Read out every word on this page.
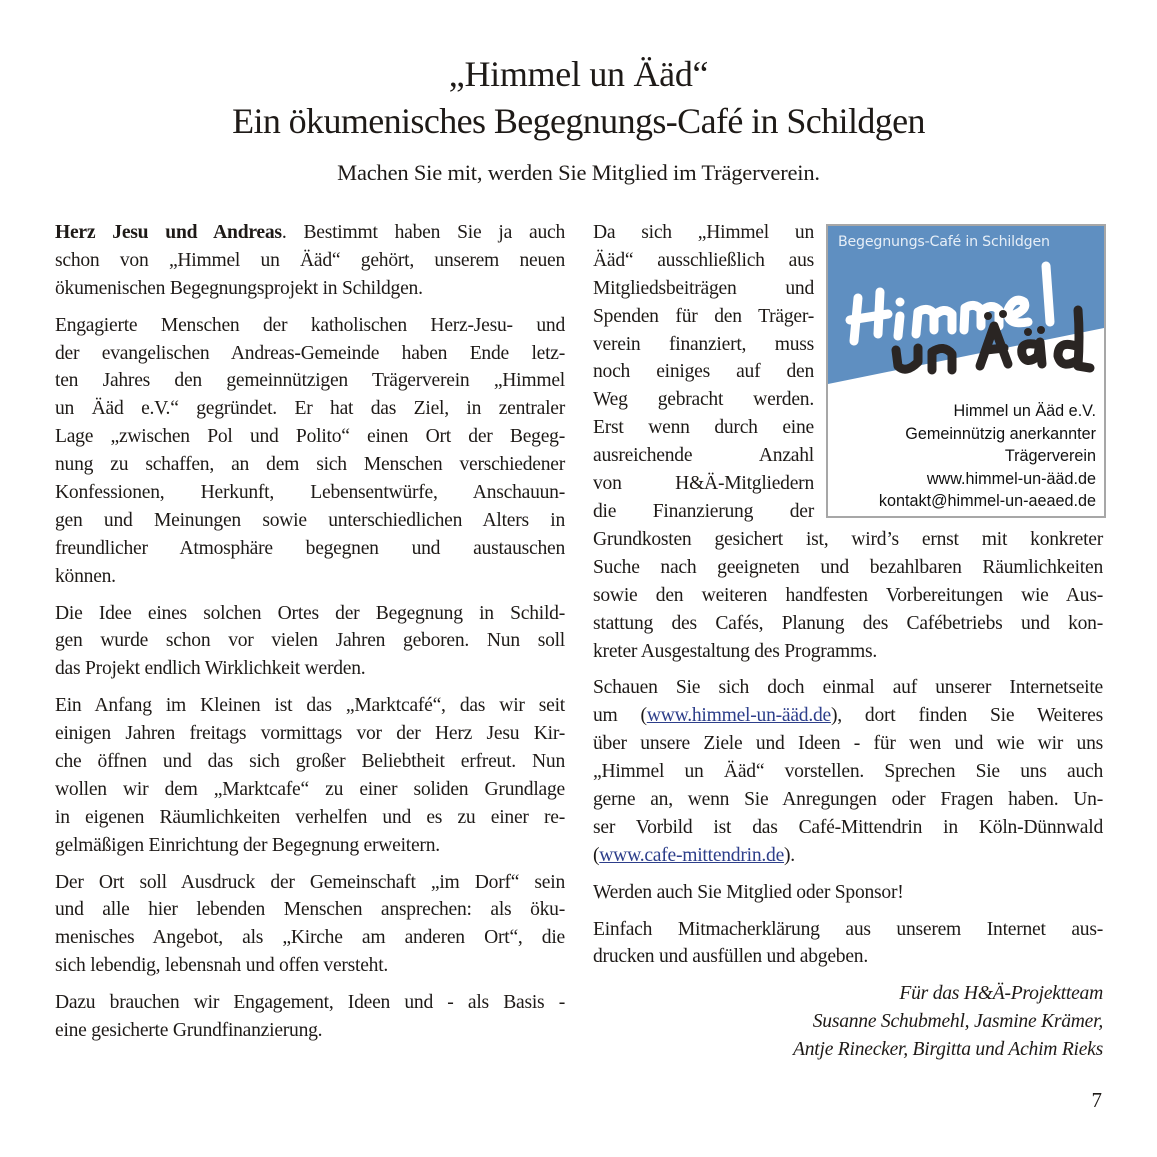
„Himmel un Ääd“
Ein ökumenisches Begegnungs-Café in Schildgen
Machen Sie mit, werden Sie Mitglied im Trägerverein.
Herz Jesu und Andreas. Bestimmt haben Sie ja auch
schon von „Himmel un Ääd“ gehört, unserem neuen
ökumenischen Begegnungsprojekt in Schildgen.
Engagierte Menschen der katholischen Herz-Jesu- und
der evangelischen Andreas-Gemeinde haben Ende letz-
ten Jahres den gemeinnützigen Trägerverein „Himmel
un Ääd e.V.“ gegründet. Er hat das Ziel, in zentraler
Lage „zwischen Pol und Polito“ einen Ort der Begeg-
nung zu schaffen, an dem sich Menschen verschiedener
Konfessionen, Herkunft, Lebensentwürfe, Anschauun-
gen und Meinungen sowie unterschiedlichen Alters in
freundlicher Atmosphäre begegnen und austauschen
können.
Die Idee eines solchen Ortes der Begegnung in Schild-
gen wurde schon vor vielen Jahren geboren. Nun soll
das Projekt endlich Wirklichkeit werden.
Ein Anfang im Kleinen ist das „Marktcafé“, das wir seit
einigen Jahren freitags vormittags vor der Herz Jesu Kir-
che öffnen und das sich großer Beliebtheit erfreut. Nun
wollen wir dem „Marktcafe“ zu einer soliden Grundlage
in eigenen Räumlichkeiten verhelfen und es zu einer re-
gelmäßigen Einrichtung der Begegnung erweitern.
Der Ort soll Ausdruck der Gemeinschaft „im Dorf“ sein
und alle hier lebenden Menschen ansprechen: als öku-
menisches Angebot, als „Kirche am anderen Ort“, die
sich lebendig, lebensnah und offen versteht.
Dazu brauchen wir Engagement, Ideen und - als Basis -
eine gesicherte Grundfinanzierung.
Da sich „Himmel un
Ääd“ ausschließlich aus
Mitgliedsbeiträgen und
Spenden für den Träger-
verein finanziert, muss
noch einiges auf den
Weg gebracht werden.
Erst wenn durch eine
ausreichende Anzahl
von H&Ä-Mitgliedern
die Finanzierung der
Begegnungs-Café in Schildgen
Himmel un Ääd e.V.
Gemeinnützig anerkannter
Trägerverein
www.himmel-un-ääd.de
kontakt@himmel-un-aeaed.de
Grundkosten gesichert ist, wird’s ernst mit konkreter
Suche nach geeigneten und bezahlbaren Räumlichkeiten
sowie den weiteren handfesten Vorbereitungen wie Aus-
stattung des Cafés, Planung des Cafébetriebs und kon-
kreter Ausgestaltung des Programms.
Schauen Sie sich doch einmal auf unserer Internetseite
um (www.himmel-un-ääd.de), dort finden Sie Weiteres
über unsere Ziele und Ideen - für wen und wie wir uns
„Himmel un Ääd“ vorstellen. Sprechen Sie uns auch
gerne an, wenn Sie Anregungen oder Fragen haben. Un-
ser Vorbild ist das Café-Mittendrin in Köln-Dünnwald
(www.cafe-mittendrin.de).
Werden auch Sie Mitglied oder Sponsor!
Einfach Mitmacherklärung aus unserem Internet aus-
drucken und ausfüllen und abgeben.
Für das H&Ä-Projektteam
Susanne Schubmehl, Jasmine Krämer,
Antje Rinecker, Birgitta und Achim Rieks
7
